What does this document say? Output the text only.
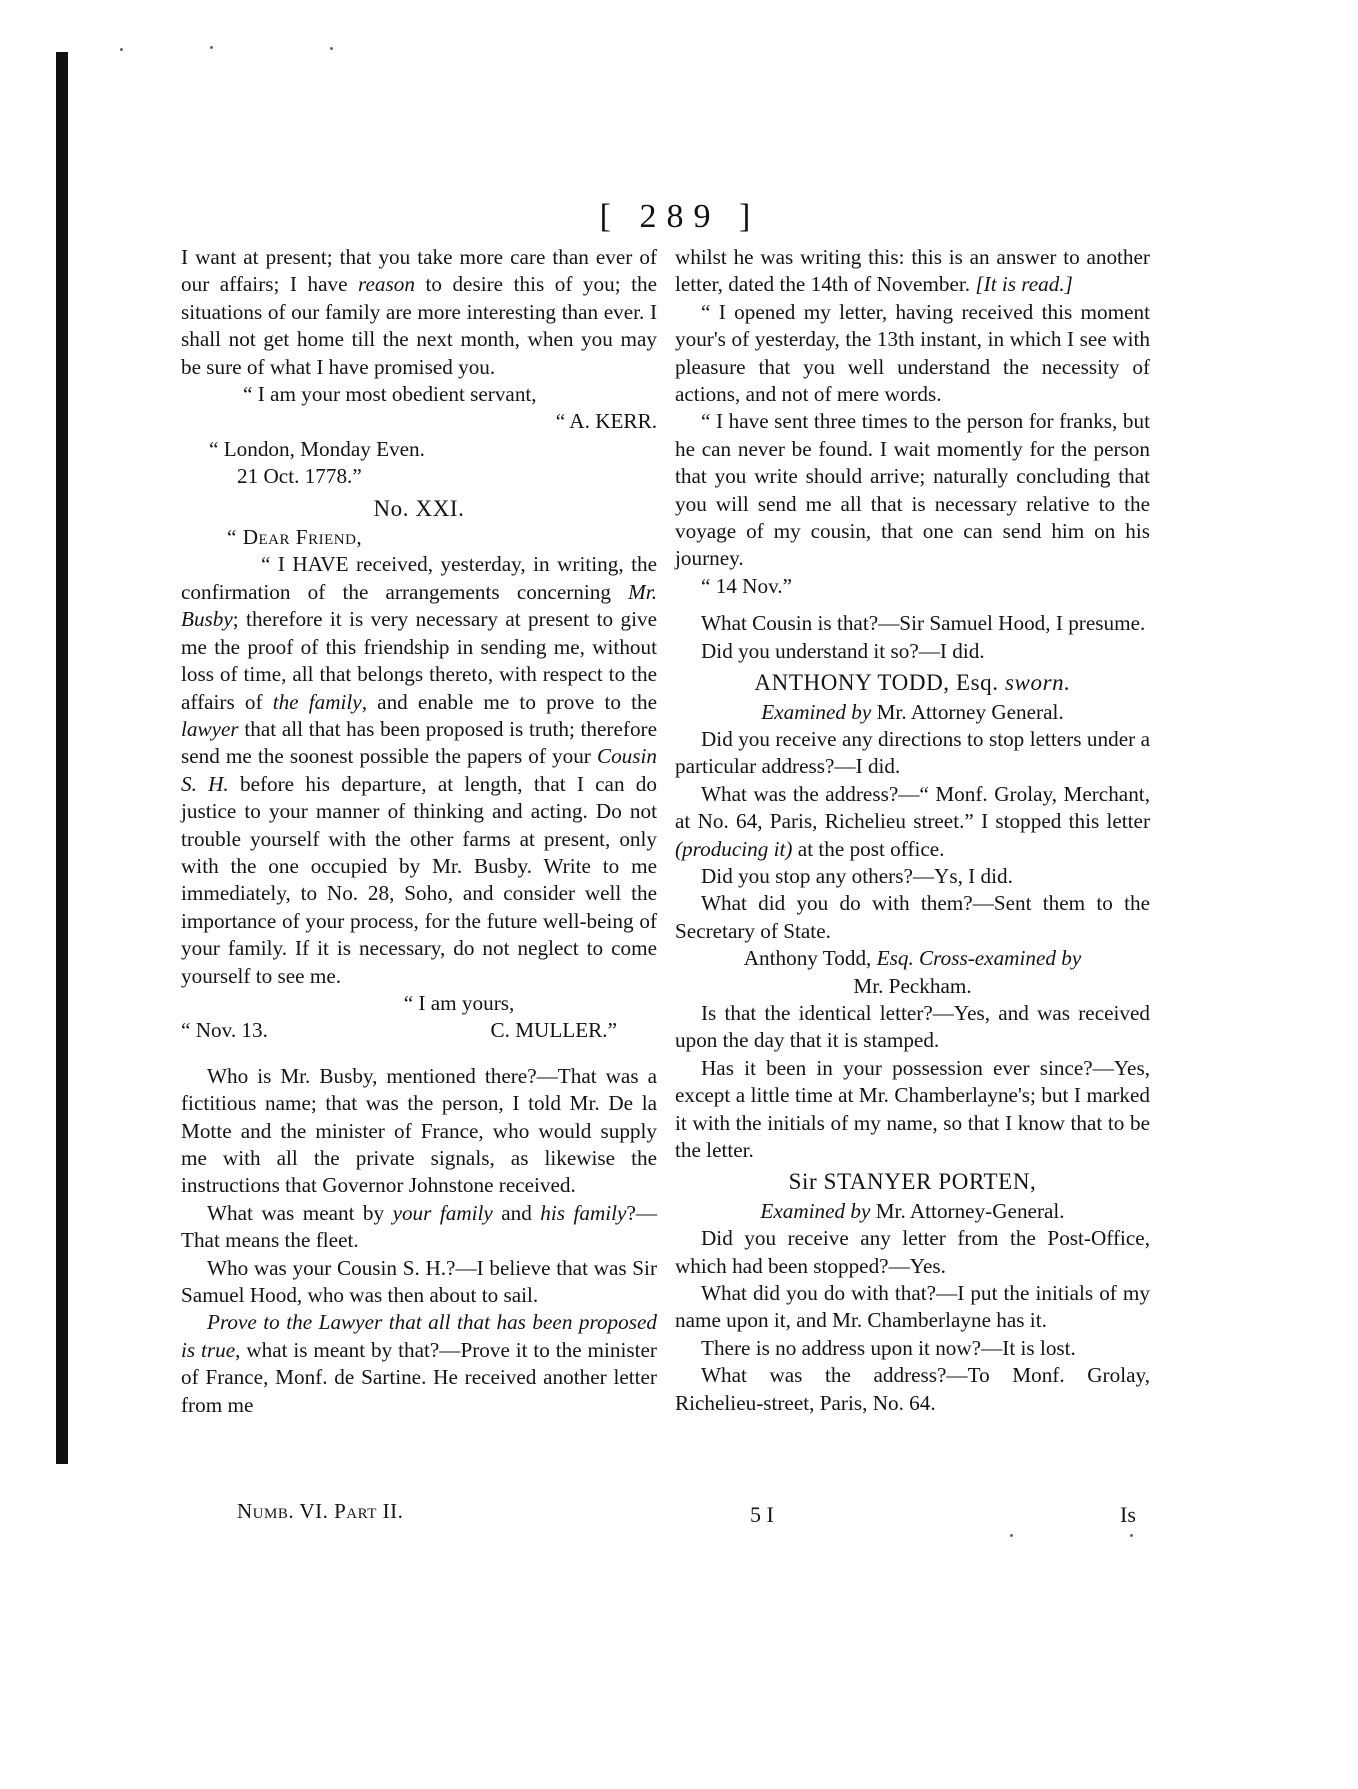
[ 289 ]

I want at present; that you take more care than ever of our affairs; I have reason to desire this of you; the situations of our family are more interesting than ever. I shall not get home till the next month, when you may be sure of what I have promised you.

“ I am your most obedient servant,

“ A. KERR.

“ London, Monday Even.

21 Oct. 1778.”

No. XXI.

“ Dear Friend,

“ I HAVE received, yesterday, in writing, the confirmation of the arrangements concerning Mr. Busby; therefore it is very necessary at present to give me the proof of this friendship in sending me, without loss of time, all that belongs thereto, with respect to the affairs of the family, and enable me to prove to the lawyer that all that has been proposed is truth; therefore send me the soonest possible the papers of your Cousin S. H. before his departure, at length, that I can do justice to your manner of thinking and acting. Do not trouble yourself with the other farms at present, only with the one occupied by Mr. Busby. Write to me immediately, to No. 28, Soho, and consider well the importance of your process, for the future well-being of your family. If it is necessary, do not neglect to come yourself to see me.

“ I am yours,

“ Nov. 13.	C. MULLER.”

Who is Mr. Busby, mentioned there?—That was a fictitious name; that was the person, I told Mr. De la Motte and the minister of France, who would supply me with all the private signals, as likewise the instructions that Governor Johnstone received.

What was meant by your family and his family?—That means the fleet.

Who was your Cousin S. H.?—I believe that was Sir Samuel Hood, who was then about to sail.

Prove to the Lawyer that all that has been proposed is true, what is meant by that?—Prove it to the minister of France, Monf. de Sartine. He received another letter from me

whilst he was writing this: this is an answer to another letter, dated the 14th of November. [It is read.]

“ I opened my letter, having received this moment your's of yesterday, the 13th instant, in which I see with pleasure that you well understand the necessity of actions, and not of mere words.

“ I have sent three times to the person for franks, but he can never be found. I wait momently for the person that you write should arrive; naturally concluding that you will send me all that is necessary relative to the voyage of my cousin, that one can send him on his journey.

“ 14 Nov.”

What Cousin is that?—Sir Samuel Hood, I presume.

Did you understand it so?—I did.

ANTHONY TODD, Esq. sworn.

Examined by Mr. Attorney General.

Did you receive any directions to stop letters under a particular address?—I did.

What was the address?—“ Monf. Grolay, Merchant, at No. 64, Paris, Richelieu street.” I stopped this letter (producing it) at the post office.

Did you stop any others?—Ys, I did.

What did you do with them?—Sent them to the Secretary of State.

Anthony Todd, Esq. Cross-examined by

Mr. Peckham.

Is that the identical letter?—Yes, and was received upon the day that it is stamped.

Has it been in your possession ever since?—Yes, except a little time at Mr. Chamberlayne's; but I marked it with the initials of my name, so that I know that to be the letter.

Sir STANYER PORTEN,

Examined by Mr. Attorney-General.

Did you receive any letter from the Post-Office, which had been stopped?—Yes.

What did you do with that?—I put the initials of my name upon it, and Mr. Chamberlayne has it.

There is no address upon it now?—It is lost.

What was the address?—To Monf. Grolay, Richelieu-street, Paris, No. 64.

Numb. VI. Part II.	5 I	Is
